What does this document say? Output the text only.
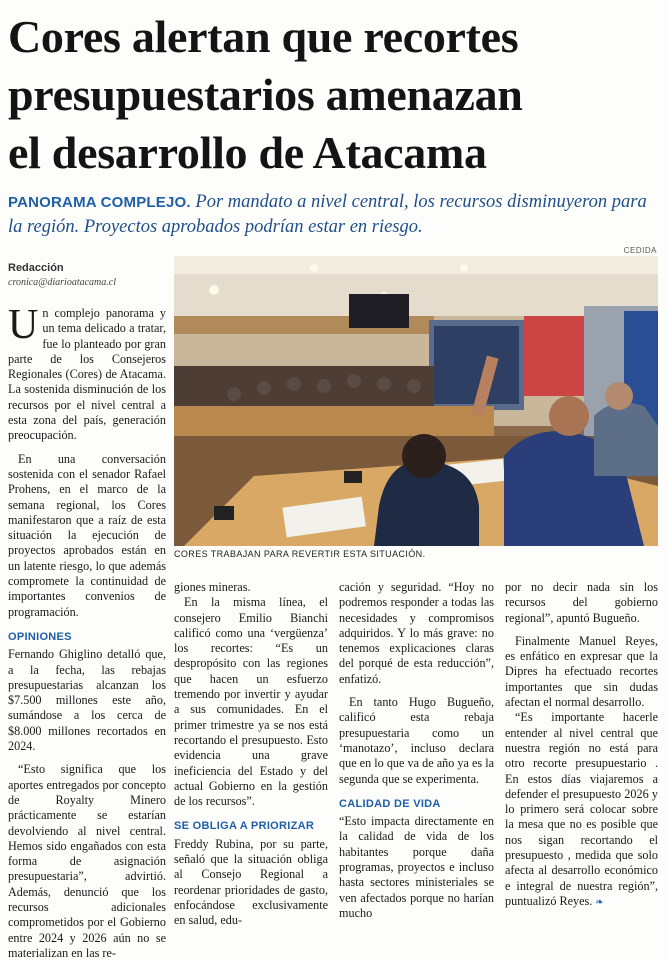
Cores alertan que recortes
presupuestarios amenazan
el desarrollo de Atacama
PANORAMA COMPLEJO. Por mandato a nivel central, los recursos disminuyeron para la región. Proyectos aprobados podrían estar en riesgo.
CEDIDA
Redacción
cronica@diarioatacama.cl
CORES TRABAJAN PARA REVERTIR ESTA SITUACIÓN.

Un complejo panorama y un tema delicado a tratar, fue lo planteado por gran parte de los Consejeros Regionales (Cores) de Atacama. La sostenida disminución de los recursos por el nivel central a esta zona del país, generación preocupación.

En una conversación sostenida con el senador Rafael Prohens, en el marco de la semana regional, los Cores manifestaron que a raíz de esta situación la ejecución de proyectos aprobados están en un latente riesgo, lo que además compromete la continuidad de importantes convenios de programación.

OPINIONES

Fernando Ghiglino detalló que, a la fecha, las rebajas presupuestarias alcanzan los $7.500 millones este año, sumándose a los cerca de $8.000 millones recortados en 2024.

“Esto significa que los aportes entregados por concepto de Royalty Minero prácticamente se estarían devolviendo al nivel central. Hemos sido engañados con esta forma de asignación presupuestaria”, advirtió. Además, denunció que los recursos adicionales comprometidos por el Gobierno entre 2024 y 2026 aún no se materializan en las re-

giones mineras.

En la misma línea, el consejero Emilio Bianchi calificó como una ‘vergüenza’ los recortes: “Es un despropósito con las regiones que hacen un esfuerzo tremendo por invertir y ayudar a sus comunidades. En el primer trimestre ya se nos está recortando el presupuesto. Esto evidencia una grave ineficiencia del Estado y del actual Gobierno en la gestión de los recursos”.

SE OBLIGA A PRIORIZAR

Freddy Rubina, por su parte, señaló que la situación obliga al Consejo Regional a reordenar prioridades de gasto, enfocándose exclusivamente en salud, edu-

cación y seguridad. “Hoy no podremos responder a todas las necesidades y compromisos adquiridos. Y lo más grave: no tenemos explicaciones claras del porqué de esta reducción”, enfatizó.

En tanto Hugo Bugueño, calificó esta rebaja presupuestaria como un ‘manotazo’, incluso declara que en lo que va de año ya es la segunda que se experimenta.

CALIDAD DE VIDA

“Esto impacta directamente en la calidad de vida de los habitantes porque daña programas, proyectos e incluso hasta sectores ministeriales se ven afectados porque no harían mucho

por no decir nada sin los recursos del gobierno regional”, apuntó Bugueño.

Finalmente Manuel Reyes, es enfático en expresar que la Dipres ha efectuado recortes importantes que sin dudas afectan el normal desarrollo.

“Es importante hacerle entender al nivel central que nuestra región no está para otro recorte presupuestario . En estos días viajaremos a defender el presupuesto 2026 y lo primero será colocar sobre la mesa que no es posible que nos sigan recortando el presupuesto , medida que solo afecta al desarrollo económico e integral de nuestra región”, puntualizó Reyes. ❧
